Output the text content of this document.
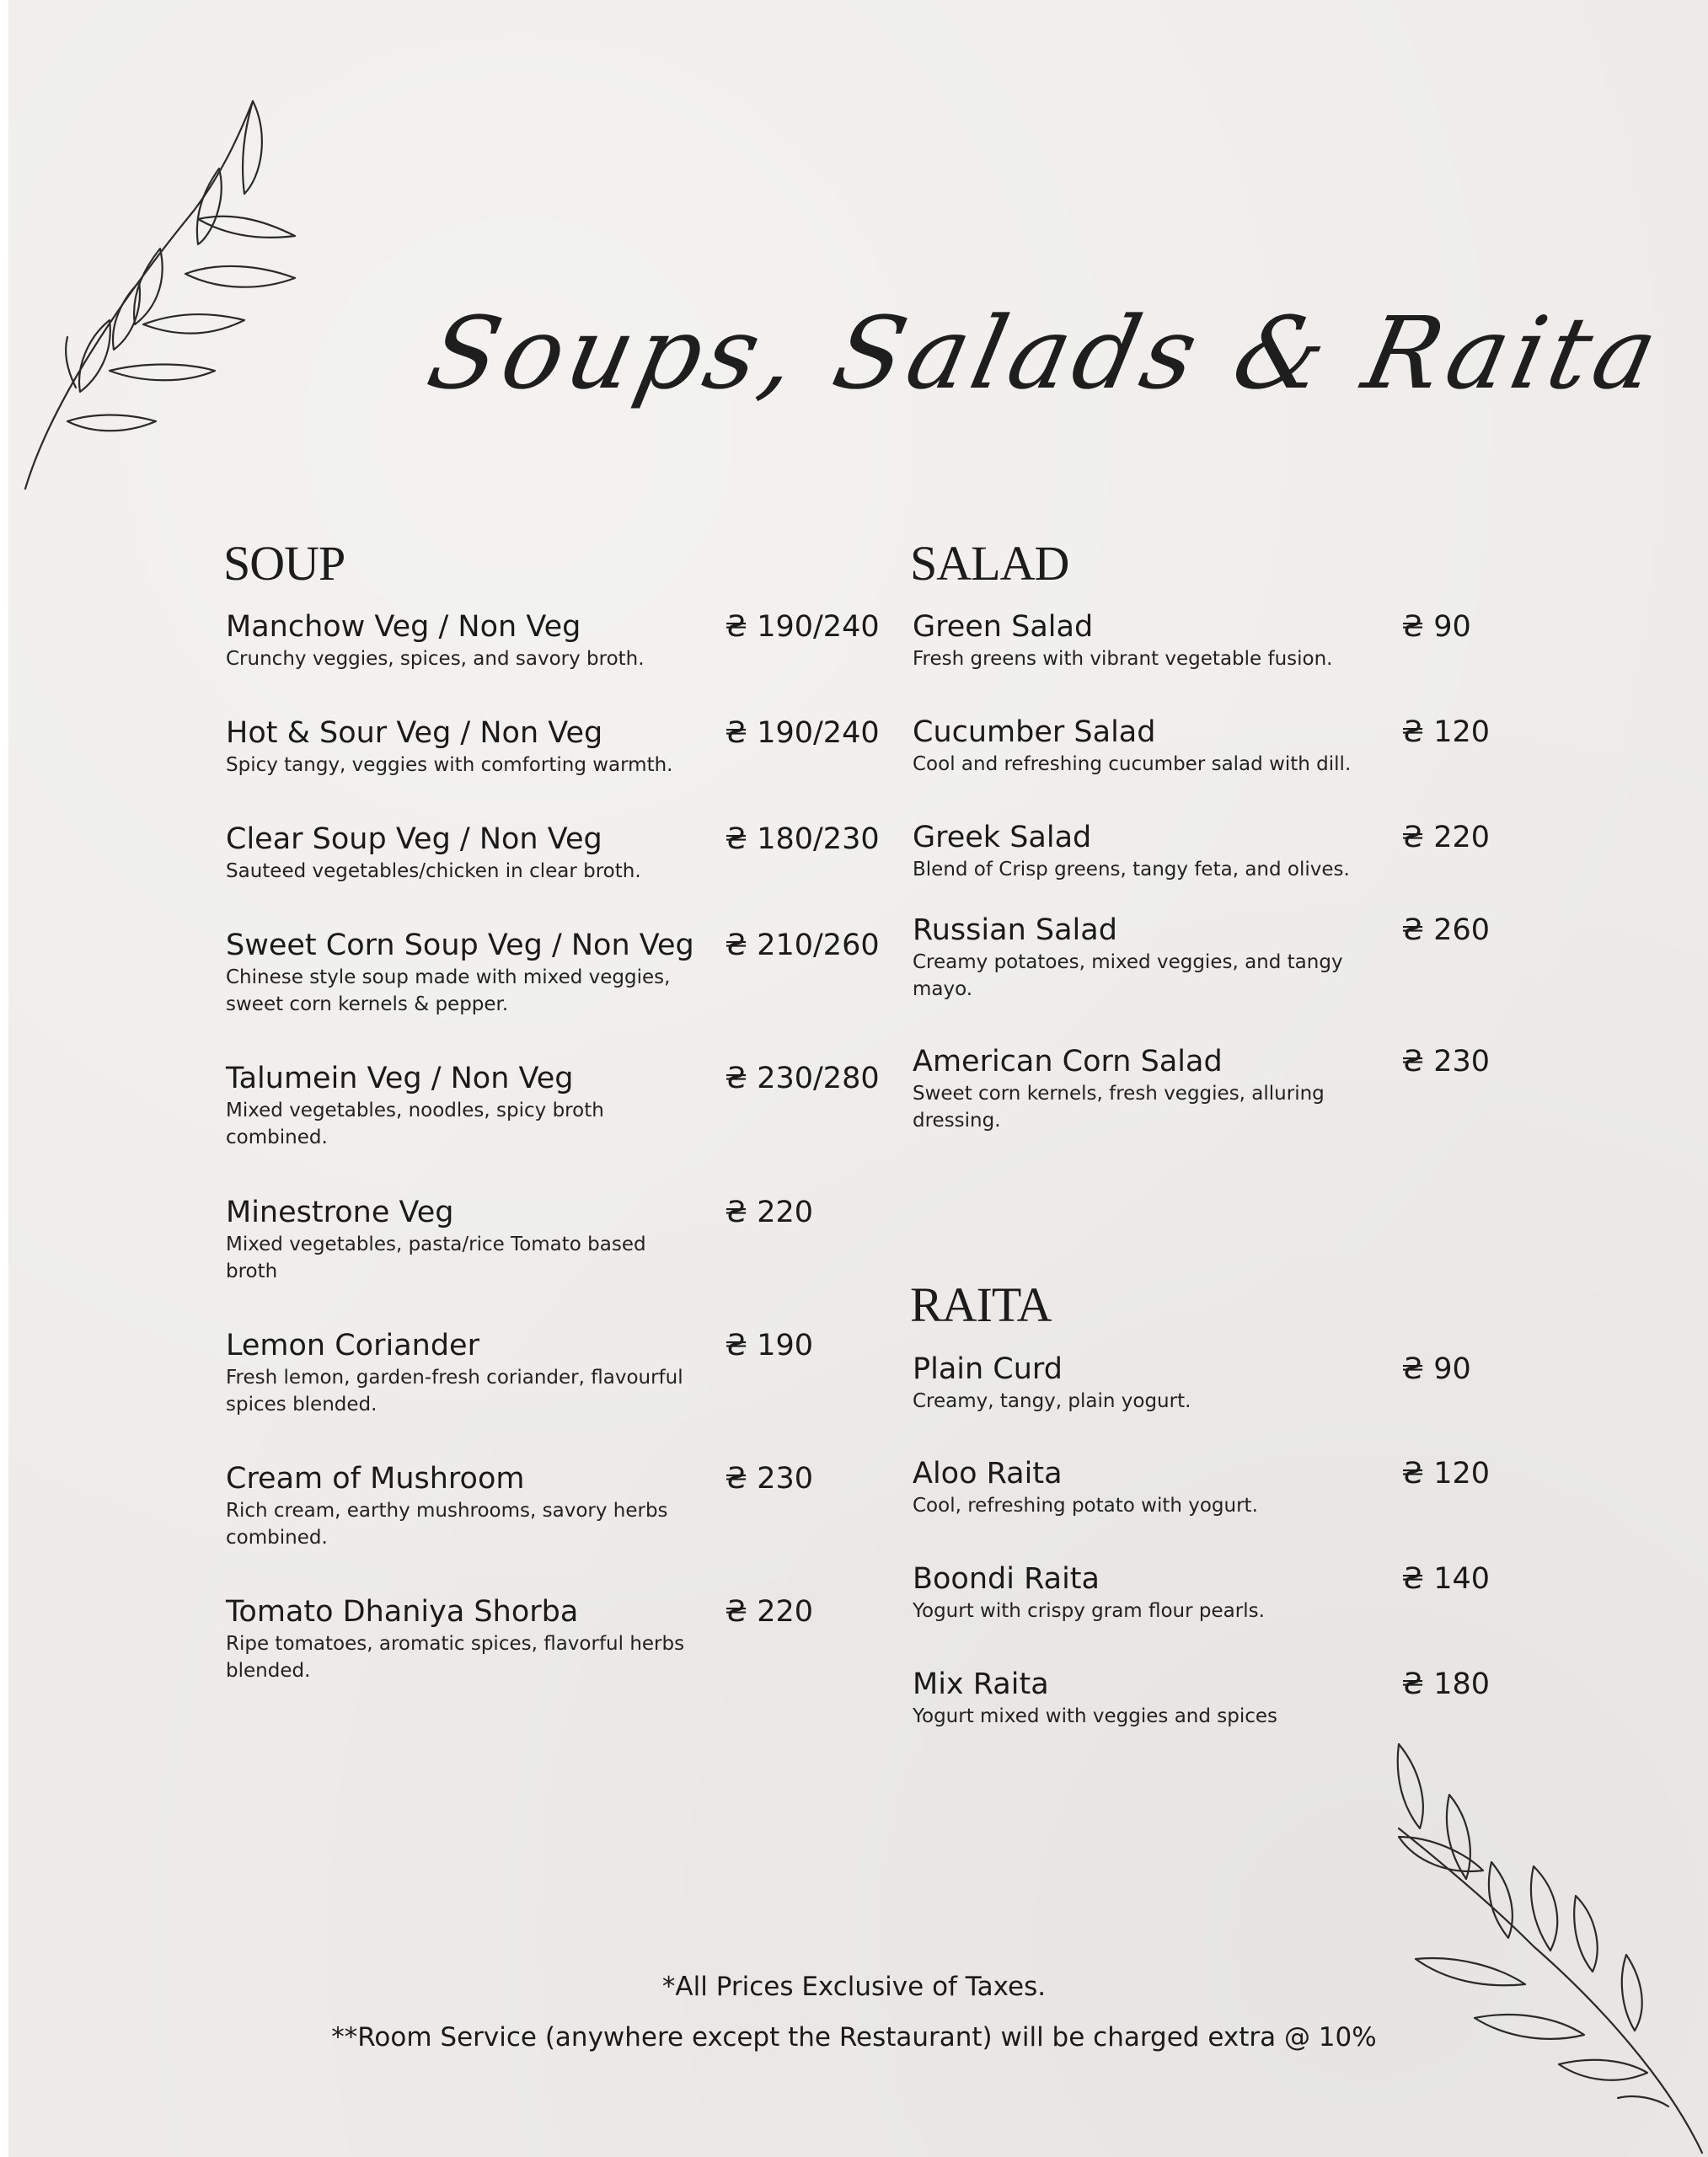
Soups, Salads & Raita
SOUP
Manchow Veg / Non Veg	₴ 190/240
Crunchy veggies, spices, and savory broth.
Hot & Sour Veg / Non Veg	₴ 190/240
Spicy tangy, veggies with comforting warmth.
Clear Soup Veg / Non Veg	₴ 180/230
Sauteed vegetables/chicken in clear broth.
Sweet Corn Soup Veg / Non Veg	₴ 210/260
Chinese style soup made with mixed veggies, sweet corn kernels & pepper.
Talumein Veg / Non Veg	₴ 230/280
Mixed vegetables, noodles, spicy broth combined.
Minestrone Veg	₴ 220
Mixed vegetables, pasta/rice Tomato based broth
Lemon Coriander	₴ 190
Fresh lemon, garden-fresh coriander, flavourful spices blended.
Cream of Mushroom	₴ 230
Rich cream, earthy mushrooms, savory herbs combined.
Tomato Dhaniya Shorba	₴ 220
Ripe tomatoes, aromatic spices, flavorful herbs blended.
SALAD
Green Salad	₴ 90
Fresh greens with vibrant vegetable fusion.
Cucumber Salad	₴ 120
Cool and refreshing cucumber salad with dill.
Greek Salad	₴ 220
Blend of Crisp greens, tangy feta, and olives.
Russian Salad	₴ 260
Creamy potatoes, mixed veggies, and tangy mayo.
American Corn Salad	₴ 230
Sweet corn kernels, fresh veggies, alluring dressing.
RAITA
Plain Curd	₴ 90
Creamy, tangy, plain yogurt.
Aloo Raita	₴ 120
Cool, refreshing potato with yogurt.
Boondi Raita	₴ 140
Yogurt with crispy gram flour pearls.
Mix Raita	₴ 180
Yogurt mixed with veggies and spices
*All Prices Exclusive of Taxes.
**Room Service (anywhere except the Restaurant) will be charged extra @ 10%
